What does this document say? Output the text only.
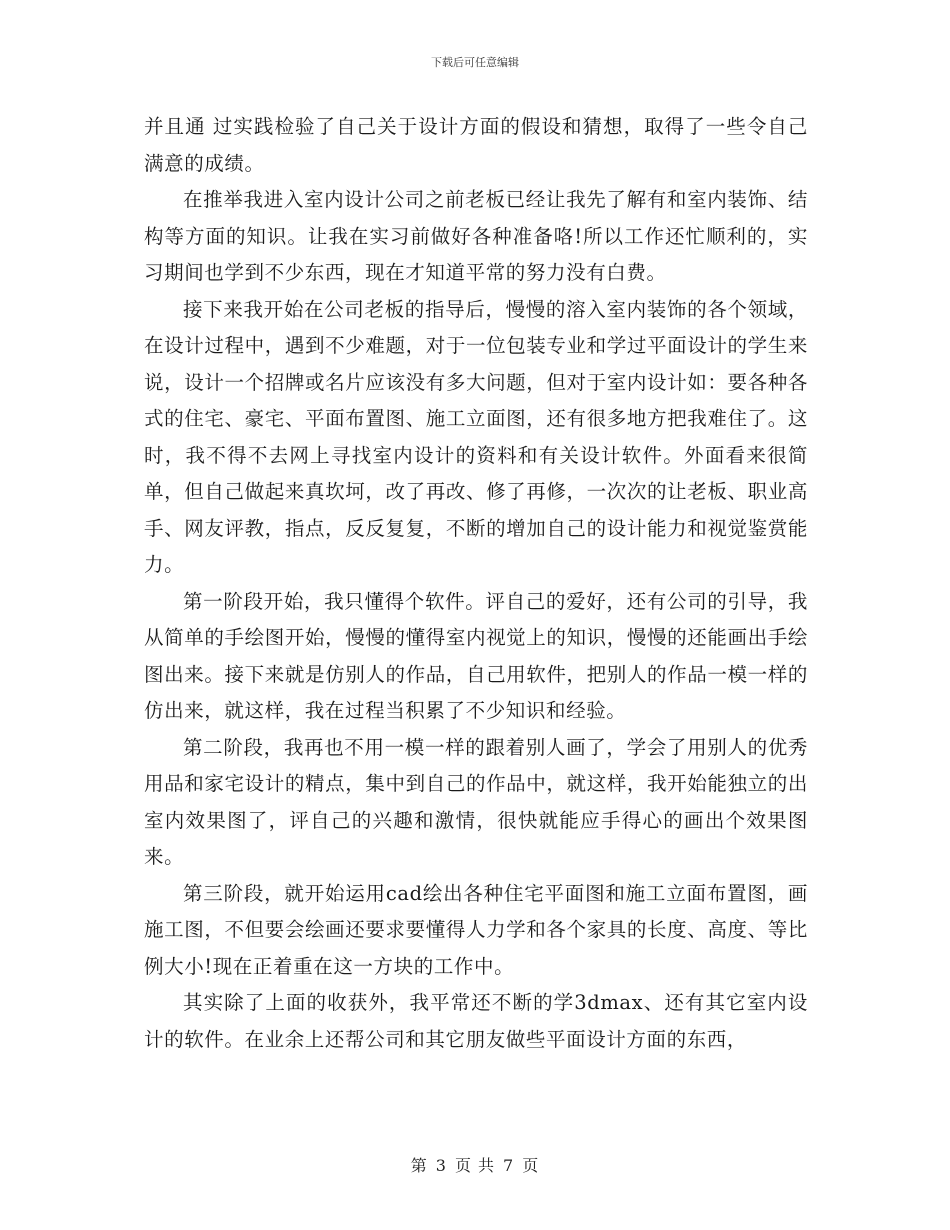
下载后可任意编辑

并且通 过实践检验了自己关于设计方面的假设和猜想，取得了一些令自己满意的成绩。

在推举我进入室内设计公司之前老板已经让我先了解有和室内装饰、结构等方面的知识。让我在实习前做好各种准备咯!所以工作还忙顺利的，实习期间也学到不少东西，现在才知道平常的努力没有白费。

接下来我开始在公司老板的指导后，慢慢的溶入室内装饰的各个领域，在设计过程中，遇到不少难题，对于一位包装专业和学过平面设计的学生来说，设计一个招牌或名片应该没有多大问题，但对于室内设计如：要各种各式的住宅、豪宅、平面布置图、施工立面图，还有很多地方把我难住了。这时，我不得不去网上寻找室内设计的资料和有关设计软件。外面看来很简单，但自己做起来真坎坷，改了再改、修了再修，一次次的让老板、职业高手、网友评教，指点，反反复复，不断的增加自己的设计能力和视觉鉴赏能力。

第一阶段开始，我只懂得个软件。评自己的爱好，还有公司的引导，我从简单的手绘图开始，慢慢的懂得室内视觉上的知识，慢慢的还能画出手绘图出来。接下来就是仿别人的作品，自己用软件，把别人的作品一模一样的仿出来，就这样，我在过程当积累了不少知识和经验。

第二阶段，我再也不用一模一样的跟着别人画了，学会了用别人的优秀用品和家宅设计的精点，集中到自己的作品中，就这样，我开始能独立的出室内效果图了，评自己的兴趣和激情，很快就能应手得心的画出个效果图来。

第三阶段，就开始运用cad绘出各种住宅平面图和施工立面布置图，画施工图，不但要会绘画还要求要懂得人力学和各个家具的长度、高度、等比例大小!现在正着重在这一方块的工作中。

其实除了上面的收获外，我平常还不断的学3dmax、还有其它室内设计的软件。在业余上还帮公司和其它朋友做些平面设计方面的东西，

第 3 页 共 7 页
